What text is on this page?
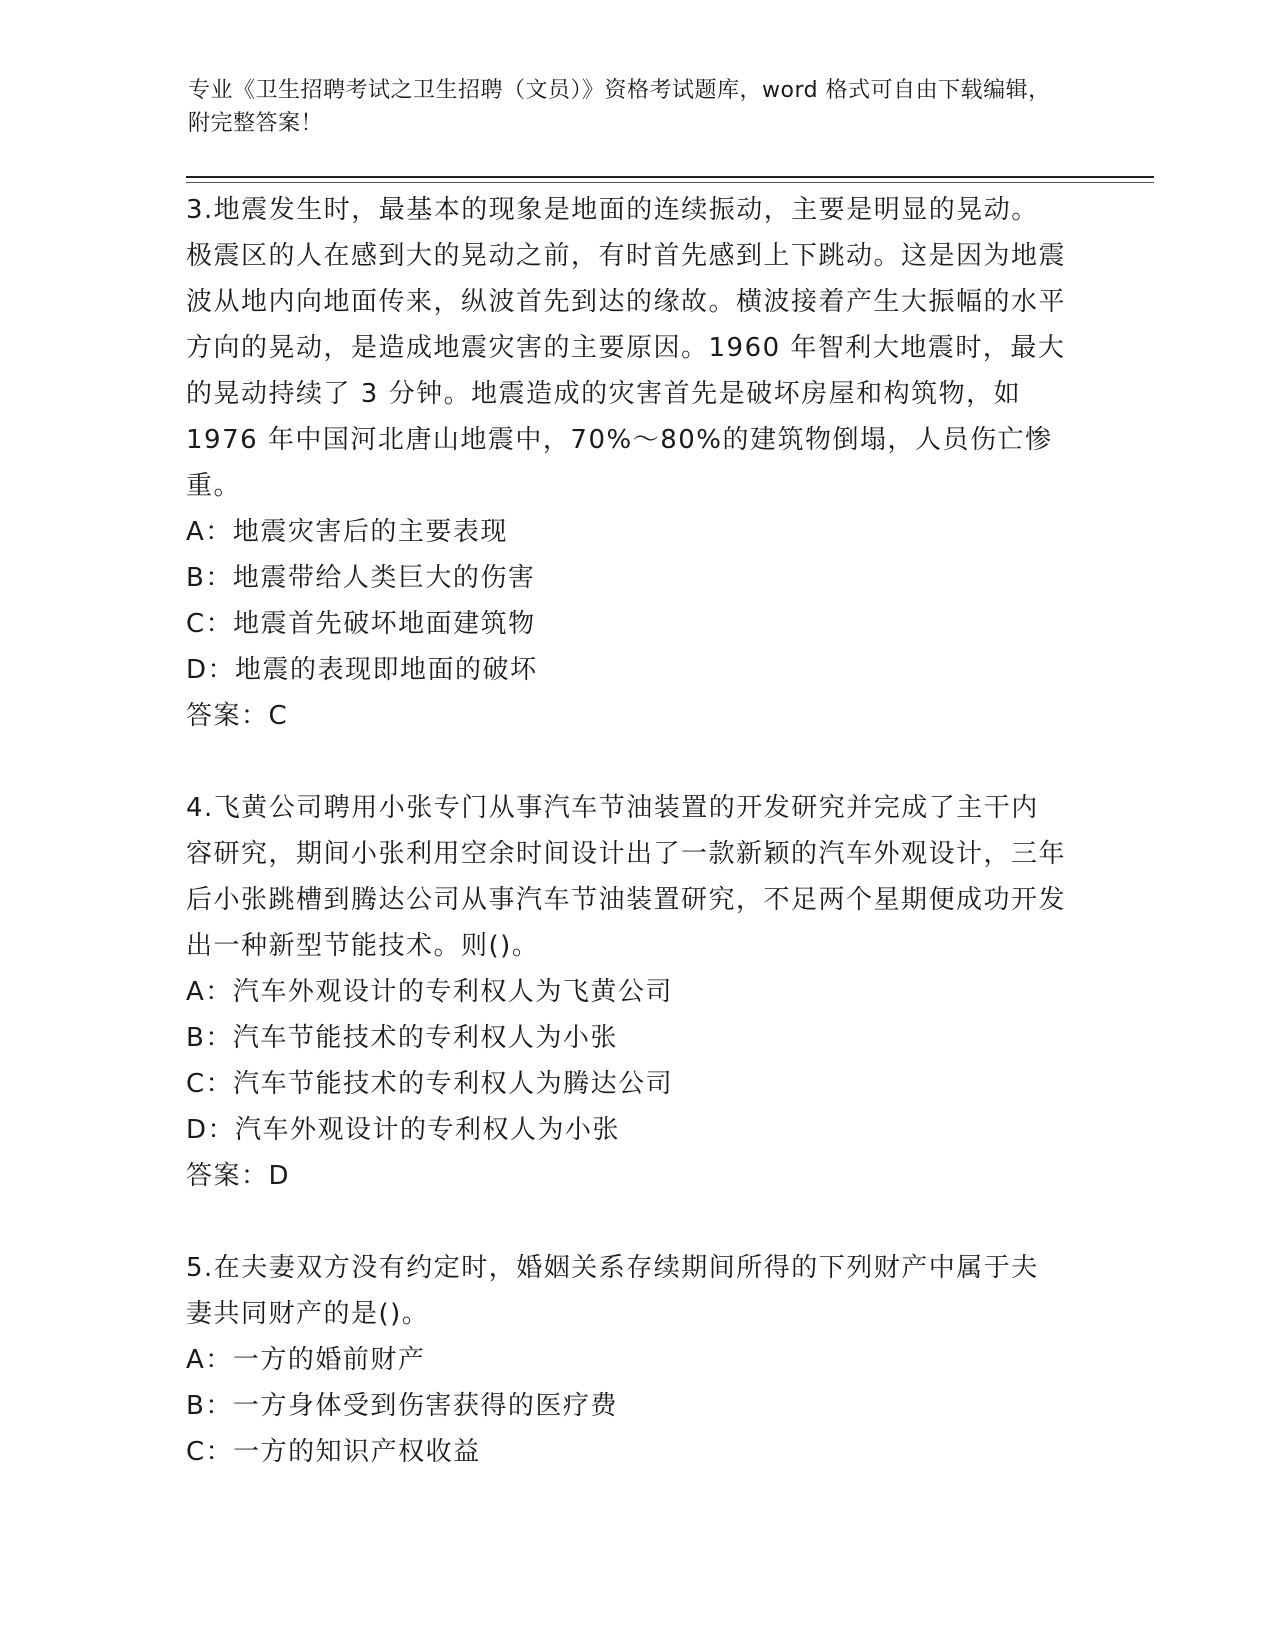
专业《卫生招聘考试之卫生招聘（文员）》资格考试题库，word 格式可自由下载编辑，附完整答案！

3.地震发生时，最基本的现象是地面的连续振动，主要是明显的晃动。极震区的人在感到大的晃动之前，有时首先感到上下跳动。这是因为地震波从地内向地面传来，纵波首先到达的缘故。横波接着产生大振幅的水平方向的晃动，是造成地震灾害的主要原因。1960 年智利大地震时，最大的晃动持续了 3 分钟。地震造成的灾害首先是破坏房屋和构筑物，如 1976 年中国河北唐山地震中，70%～80%的建筑物倒塌，人员伤亡惨重。

A ： 地震灾害后的主要表现

B ： 地震带给人类巨大的伤害

C ： 地震首先破坏地面建筑物

D ： 地震的表现即地面的破坏

答案 ： C

4.飞黄公司聘用小张专门从事汽车节油装置的开发研究并完成了主干内容研究，期间小张利用空余时间设计出了一款新颖的汽车外观设计，三年后小张跳槽到腾达公司从事汽车节油装置研究，不足两个星期便成功开发出一种新型节能技术。则()。

A ： 汽车外观设计的专利权人为飞黄公司

B ： 汽车节能技术的专利权人为小张

C ： 汽车节能技术的专利权人为腾达公司

D ： 汽车外观设计的专利权人为小张

答案 ： D

5.在夫妻双方没有约定时，婚姻关系存续期间所得的下列财产中属于夫妻共同财产的是()。

A ： 一方的婚前财产

B ： 一方身体受到伤害获得的医疗费

C ： 一方的知识产权收益
